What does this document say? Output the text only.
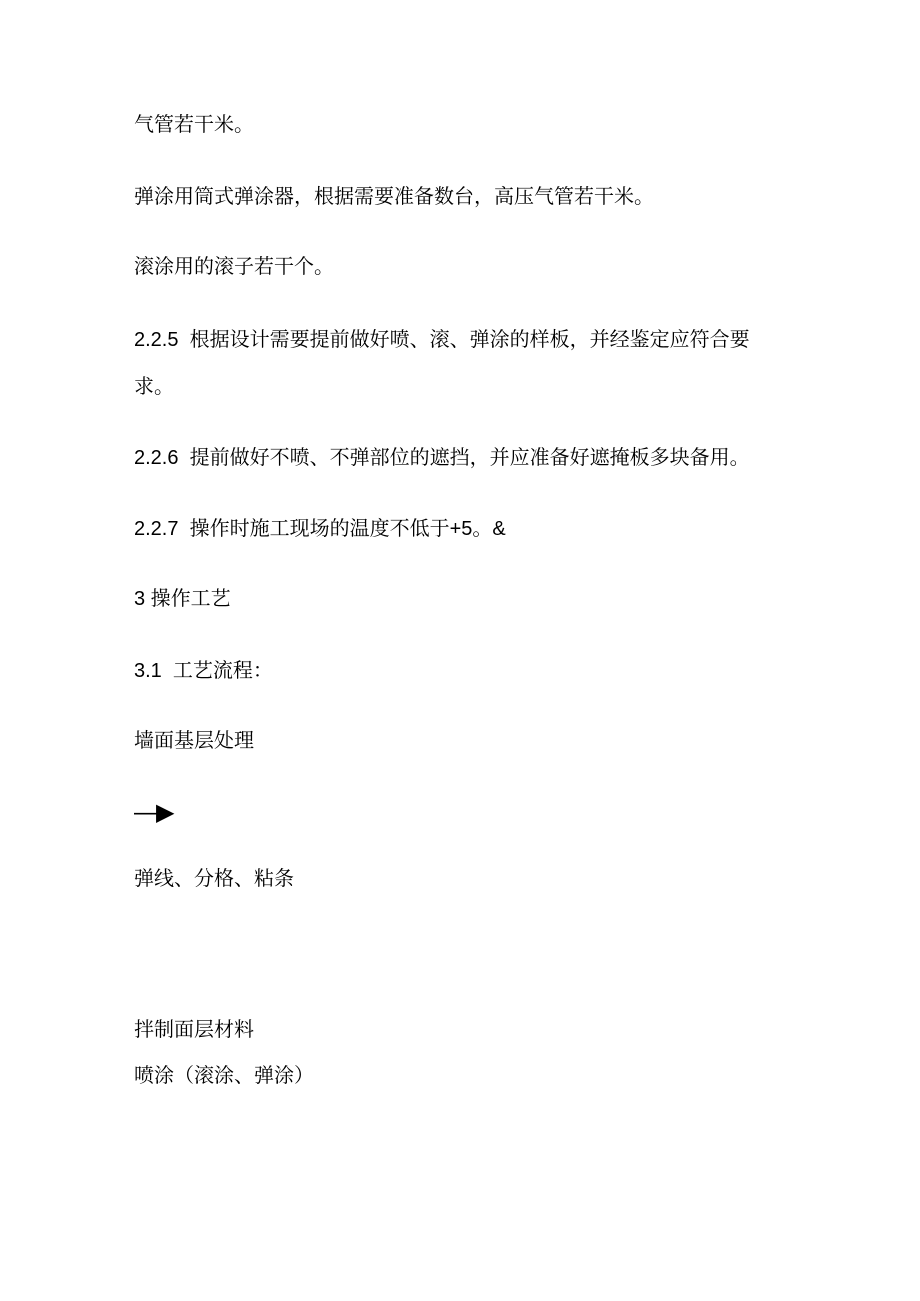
气管若干米。

弹涂用筒式弹涂器，根据需要准备数台，高压气管若干米。

滚涂用的滚子若干个。

2.2.5  根据设计需要提前做好喷、滚、弹涂的样板，并经鉴定应符合要求。

2.2.6  提前做好不喷、不弹部位的遮挡，并应准备好遮掩板多块备用。

2.2.7  操作时施工现场的温度不低于+5。&

3 操作工艺

3.1  工艺流程：

墙面基层处理

—▶

弹线、分格、粘条

拌制面层材料

喷涂（滚涂、弹涂）
